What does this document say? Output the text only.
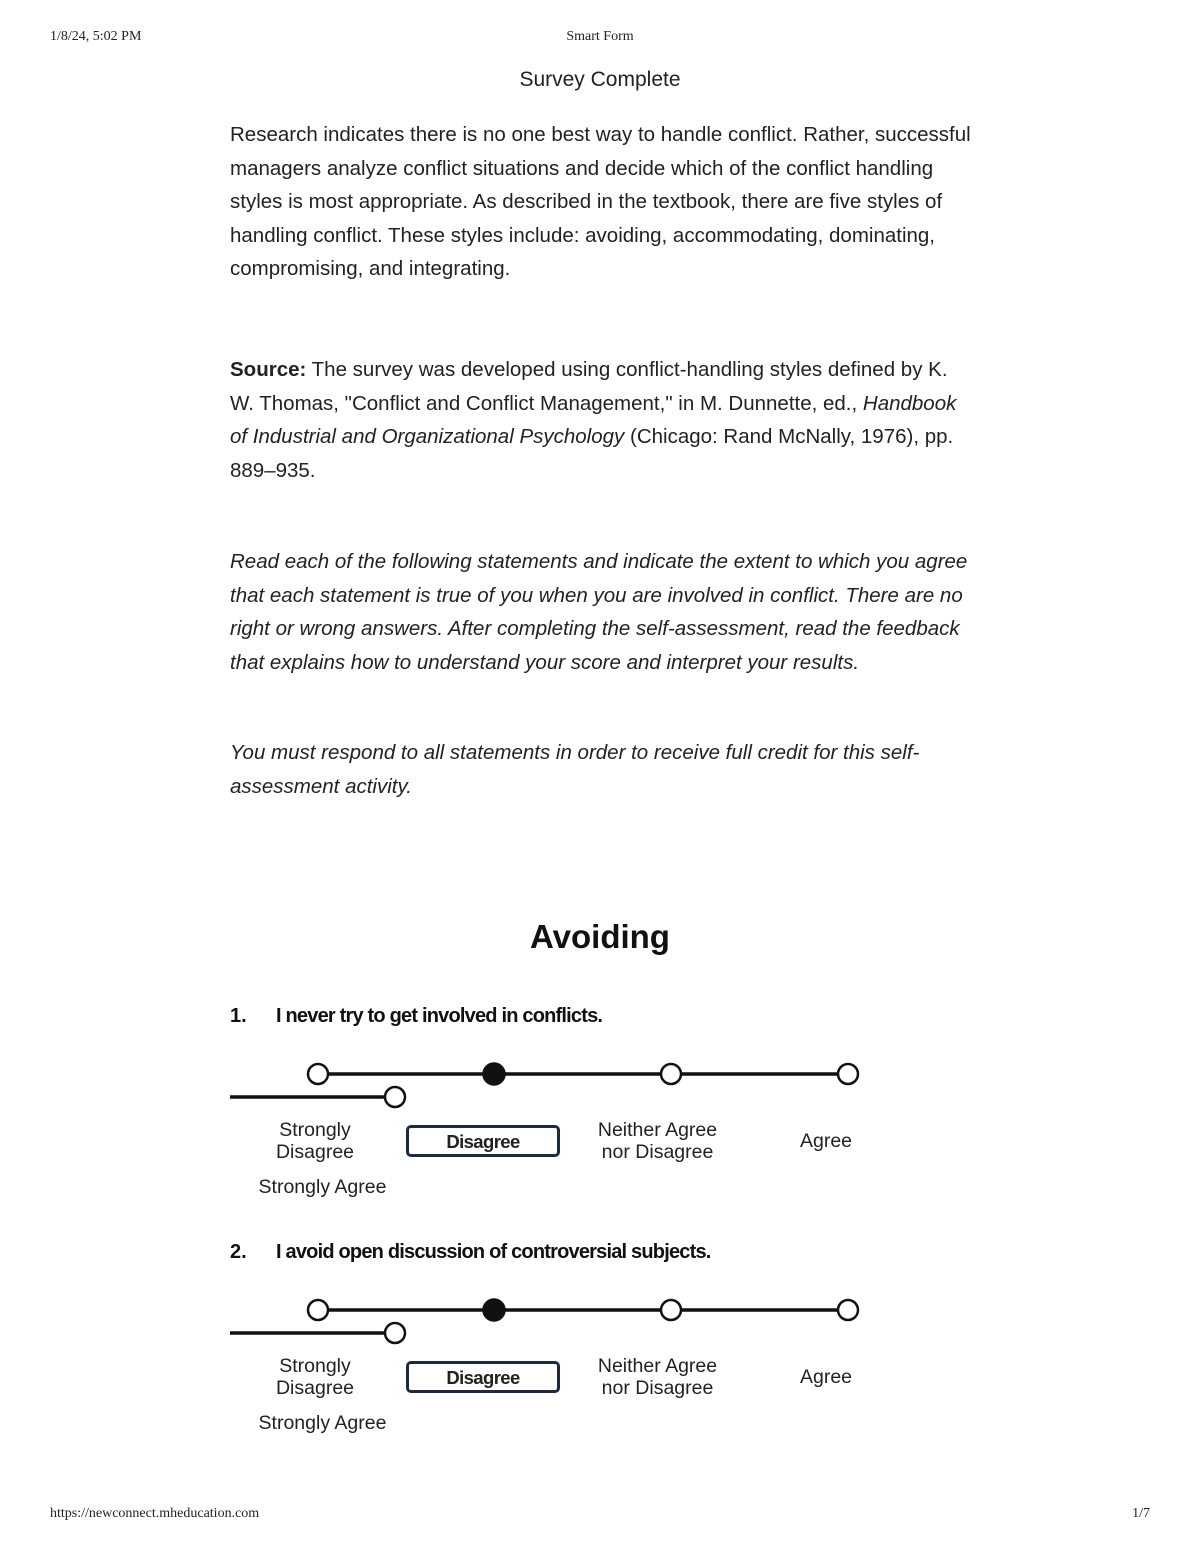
Smart Form
1/8/24, 5:02 PM
Survey Complete

Research indicates there is no one best way to handle conflict. Rather, successful managers analyze conflict situations and decide which of the conflict handling styles is most appropriate. As described in the textbook, there are five styles of handling conflict. These styles include: avoiding, accommodating, dominating, compromising, and integrating.

Source: The survey was developed using conflict-handling styles defined by K. W. Thomas, "Conflict and Conflict Management," in M. Dunnette, ed., Handbook of Industrial and Organizational Psychology (Chicago: Rand McNally, 1976), pp. 889–935.

Read each of the following statements and indicate the extent to which you agree that each statement is true of you when you are involved in conflict. There are no right or wrong answers. After completing the self-assessment, read the feedback that explains how to understand your score and interpret your results.

You must respond to all statements in order to receive full credit for this self-assessment activity.

Avoiding
1. I never try to get involved in conflicts.
Strongly Disagree	Disagree
Neither Agree nor Disagree	Agree
Strongly Agree
2. I avoid open discussion of controversial subjects.
Strongly Disagree	Disagree
Neither Agree nor Disagree	Agree
Strongly Agree
https://newconnect.mheducation.com	1/7
